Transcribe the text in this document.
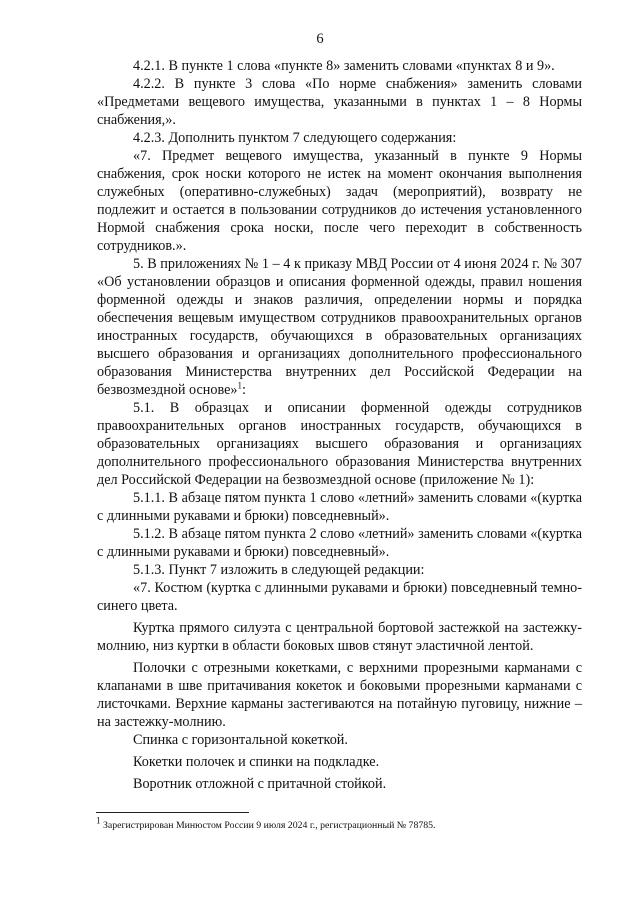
6

4.2.1. В пункте 1 слова «пункте 8» заменить словами «пунктах 8 и 9».

4.2.2. В пункте 3 слова «По норме снабжения» заменить словами «Предметами вещевого имущества, указанными в пунктах 1 – 8 Нормы снабжения,».

4.2.3. Дополнить пунктом 7 следующего содержания:

«7. Предмет вещевого имущества, указанный в пункте 9 Нормы снабжения, срок носки которого не истек на момент окончания выполнения служебных (оперативно-служебных) задач (мероприятий), возврату не подлежит и остается в пользовании сотрудников до истечения установленного Нормой снабжения срока носки, после чего переходит в собственность сотрудников.».

5. В приложениях № 1 – 4 к приказу МВД России от 4 июня 2024 г. № 307 «Об установлении образцов и описания форменной одежды, правил ношения форменной одежды и знаков различия, определении нормы и порядка обеспечения вещевым имуществом сотрудников правоохранительных органов иностранных государств, обучающихся в образовательных организациях высшего образования и организациях дополнительного профессионального образования Министерства внутренних дел Российской Федерации на безвозмездной основе»$^1$:

5.1. В образцах и описании форменной одежды сотрудников правоохранительных органов иностранных государств, обучающихся в образовательных организациях высшего образования и организациях дополнительного профессионального образования Министерства внутренних дел Российской Федерации на безвозмездной основе (приложение № 1):

5.1.1. В абзаце пятом пункта 1 слово «летний» заменить словами «(куртка с длинными рукавами и брюки) повседневный».

5.1.2. В абзаце пятом пункта 2 слово «летний» заменить словами «(куртка с длинными рукавами и брюки) повседневный».

5.1.3. Пункт 7 изложить в следующей редакции:

«7. Костюм (куртка с длинными рукавами и брюки) повседневный темно-синего цвета.

Куртка прямого силуэта с центральной бортовой застежкой на застежку-молнию, низ куртки в области боковых швов стянут эластичной лентой.

Полочки с отрезными кокетками, с верхними прорезными карманами с клапанами в шве притачивания кокеток и боковыми прорезными карманами с листочками. Верхние карманы застегиваются на потайную пуговицу, нижние – на застежку-молнию.

Спинка с горизонтальной кокеткой.

Кокетки полочек и спинки на подкладке.

Воротник отложной с притачной стойкой.

$^1$ Зарегистрирован Минюстом России 9 июля 2024 г., регистрационный № 78785.
